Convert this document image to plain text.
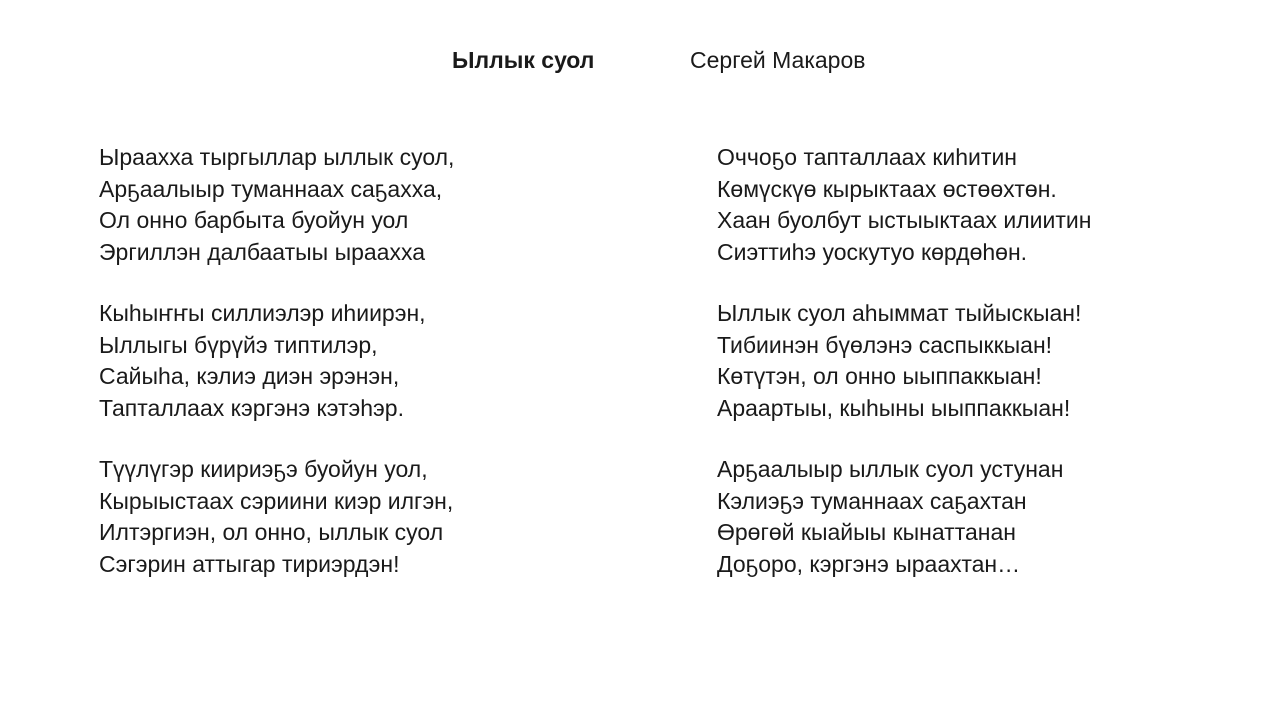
Ыллык суол	Сергей Макаров
Ыраахха тыргыллар ыллык суол,
Арҕаалыыр туманнаах саҕахха,
Ол онно барбыта буойун уол
Эргиллэн далбаатыы ыраахха
Кыһыҥҥы силлиэлэр иһиирэн,
Ыллыгы бүрүйэ типтилэр,
Сайыһа, кэлиэ диэн эрэнэн,
Тапталлаах кэргэнэ кэтэһэр.
Түүлүгэр киириэҕэ буойун уол,
Кырыыстаах сэриини киэр илгэн,
Илтэргиэн, ол онно, ыллык суол
Сэгэрин аттыгар тириэрдэн!
Оччоҕо тапталлаах киһитин
Көмүскүө кырыктаах өстөөхтөн.
Хаан буолбут ыстыыктаах илиитин
Сиэттиһэ уоскутуо көрдөһөн.
Ыллык суол аһыммат тыйыскыан!
Тибиинэн бүөлэнэ саспыккыан!
Көтүтэн, ол онно ыыппаккыан!
Араартыы, кыһыны ыыппаккыан!
Арҕаалыыр ыллык суол устунан
Кэлиэҕэ туманнаах саҕахтан
Өрөгөй кыайыы кынаттанан
Доҕоро, кэргэнэ ыраахтан…
